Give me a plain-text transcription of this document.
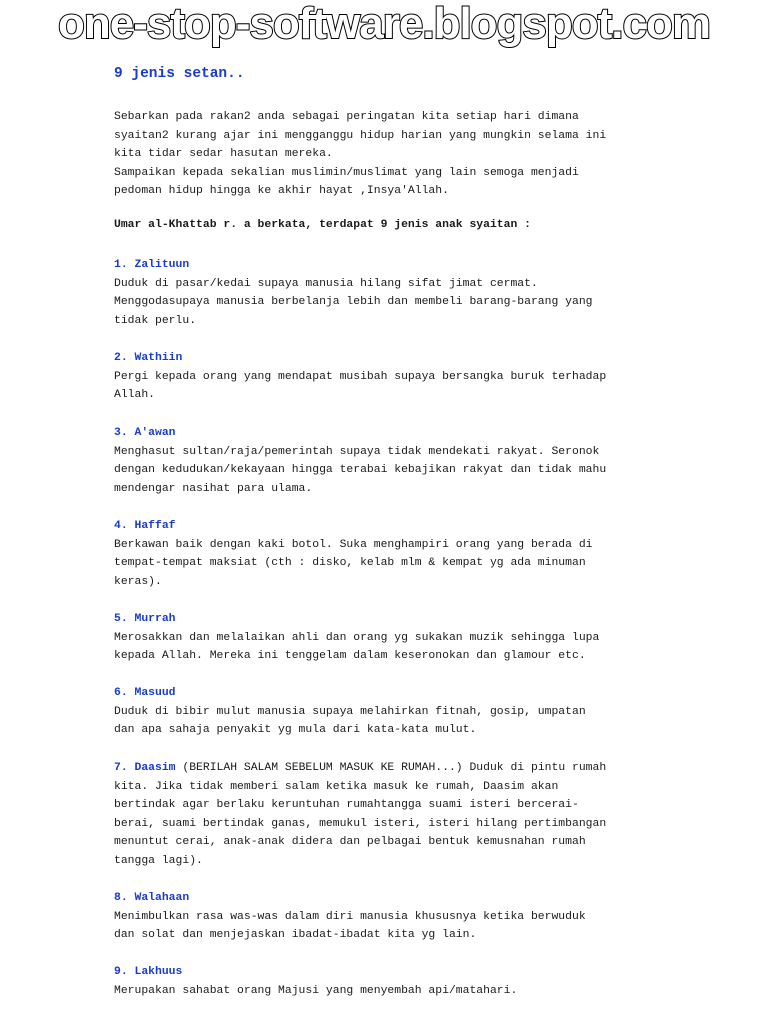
one-stop-software.blogspot.com
9 jenis setan..
Sebarkan pada rakan2 anda sebagai peringatan kita setiap hari dimana
syaitan2 kurang ajar ini mengganggu hidup harian yang mungkin selama ini
kita tidar sedar hasutan mereka.
Sampaikan kepada sekalian muslimin/muslimat yang lain semoga menjadi
pedoman hidup hingga ke akhir hayat ,Insya'Allah.
Umar al-Khattab r. a berkata, terdapat 9 jenis anak syaitan :
1. Zalituun
Duduk di pasar/kedai supaya manusia hilang sifat jimat cermat.
Menggodasupaya manusia berbelanja lebih dan membeli barang-barang yang
tidak perlu.
2. Wathiin
Pergi kepada orang yang mendapat musibah supaya bersangka buruk terhadap
Allah.
3. A'awan
Menghasut sultan/raja/pemerintah supaya tidak mendekati rakyat. Seronok
dengan kedudukan/kekayaan hingga terabai kebajikan rakyat dan tidak mahu
mendengar nasihat para ulama.
4. Haffaf
Berkawan baik dengan kaki botol. Suka menghampiri orang yang berada di
tempat-tempat maksiat (cth : disko, kelab mlm & kempat yg ada minuman
keras).
5. Murrah
Merosakkan dan melalaikan ahli dan orang yg sukakan muzik sehingga lupa
kepada Allah. Mereka ini tenggelam dalam keseronokan dan glamour etc.
6. Masuud
Duduk di bibir mulut manusia supaya melahirkan fitnah, gosip, umpatan
dan apa sahaja penyakit yg mula dari kata-kata mulut.
7. Daasim (BERILAH SALAM SEBELUM MASUK KE RUMAH...) Duduk di pintu rumah
kita. Jika tidak memberi salam ketika masuk ke rumah, Daasim akan
bertindak agar berlaku keruntuhan rumahtangga suami isteri bercerai-
berai, suami bertindak ganas, memukul isteri, isteri hilang pertimbangan
menuntut cerai, anak-anak didera dan pelbagai bentuk kemusnahan rumah
tangga lagi).
8. Walahaan
Menimbulkan rasa was-was dalam diri manusia khususnya ketika berwuduk
dan solat dan menjejaskan ibadat-ibadat kita yg lain.
9. Lakhuus
Merupakan sahabat orang Majusi yang menyembah api/matahari.
